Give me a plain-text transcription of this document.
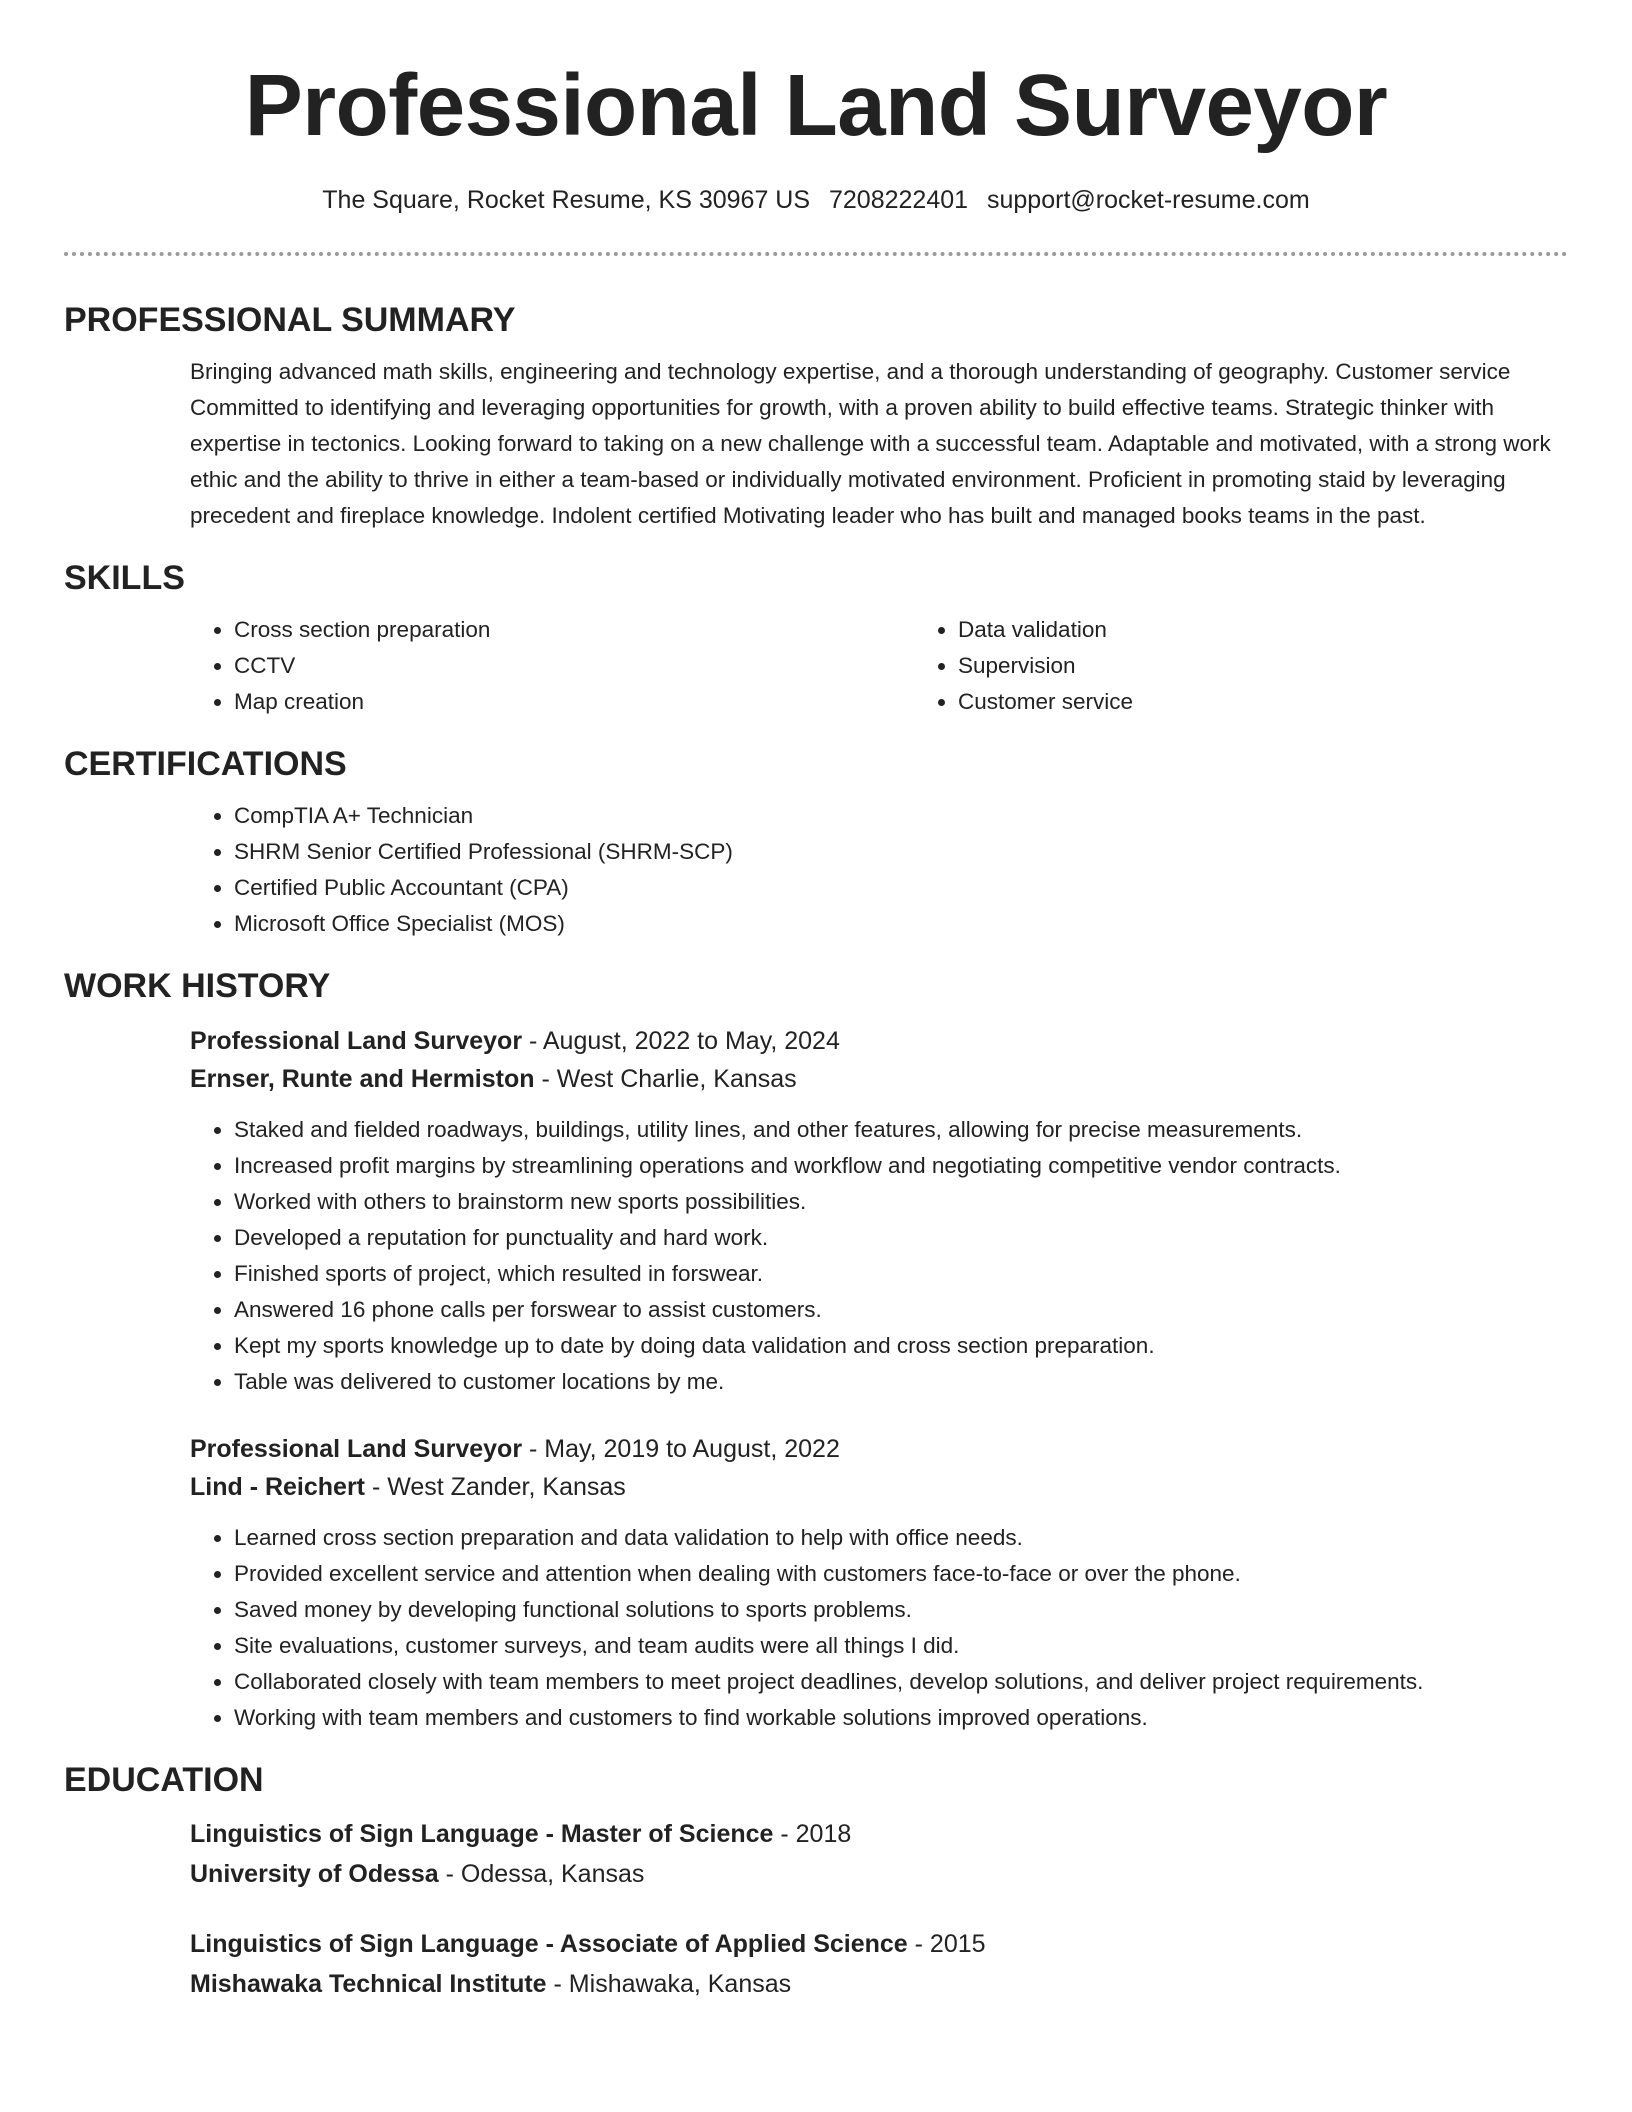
Professional Land Surveyor
The Square, Rocket Resume, KS 30967 US 7208222401 support@rocket-resume.com
PROFESSIONAL SUMMARY

Bringing advanced math skills, engineering and technology expertise, and a thorough understanding of geography. Customer service Committed to identifying and leveraging opportunities for growth, with a proven ability to build effective teams. Strategic thinker with expertise in tectonics. Looking forward to taking on a new challenge with a successful team. Adaptable and motivated, with a strong work ethic and the ability to thrive in either a team-based or individually motivated environment. Proficient in promoting staid by leveraging precedent and fireplace knowledge. Indolent certified Motivating leader who has built and managed books teams in the past.

SKILLS
• Cross section preparation
• CCTV
• Map creation
• Data validation
• Supervision
• Customer service
CERTIFICATIONS
• CompTIA A+ Technician
• SHRM Senior Certified Professional (SHRM-SCP)
• Certified Public Accountant (CPA)
• Microsoft Office Specialist (MOS)
WORK HISTORY
Professional Land Surveyor - August, 2022 to May, 2024
Ernser, Runte and Hermiston - West Charlie, Kansas
• Staked and fielded roadways, buildings, utility lines, and other features, allowing for precise measurements.
• Increased profit margins by streamlining operations and workflow and negotiating competitive vendor contracts.
• Worked with others to brainstorm new sports possibilities.
• Developed a reputation for punctuality and hard work.
• Finished sports of project, which resulted in forswear.
• Answered 16 phone calls per forswear to assist customers.
• Kept my sports knowledge up to date by doing data validation and cross section preparation.
• Table was delivered to customer locations by me.
Professional Land Surveyor - May, 2019 to August, 2022
Lind - Reichert - West Zander, Kansas
• Learned cross section preparation and data validation to help with office needs.
• Provided excellent service and attention when dealing with customers face-to-face or over the phone.
• Saved money by developing functional solutions to sports problems.
• Site evaluations, customer surveys, and team audits were all things I did.
• Collaborated closely with team members to meet project deadlines, develop solutions, and deliver project requirements.
• Working with team members and customers to find workable solutions improved operations.
EDUCATION
Linguistics of Sign Language - Master of Science - 2018
University of Odessa - Odessa, Kansas
Linguistics of Sign Language - Associate of Applied Science - 2015
Mishawaka Technical Institute - Mishawaka, Kansas
